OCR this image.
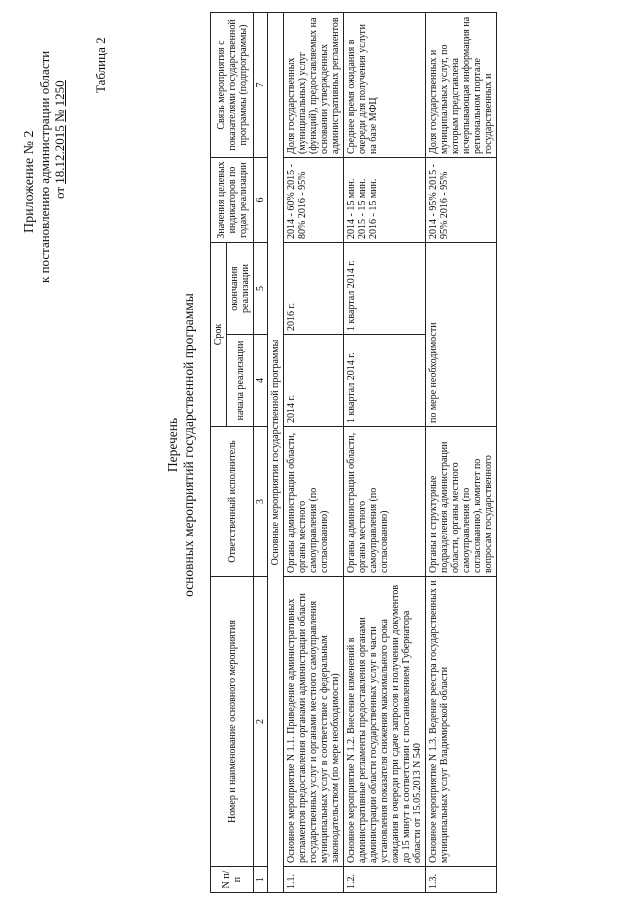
Приложение № 2 к постановлению администрации области от 18.12.2015 № 1250
Таблица 2
Перечень основных мероприятий государственной программы
N п/п	Номер и наименование основного мероприятия	Ответственный исполнитель	Срок		Значения целевых индикаторов по годам реализации	Связь мероприятия с показателями государственной программы (подпрограммы)
			начала реализации	окончания реализации		
1	2	3	4	5	6	7
Основные мероприятия государственной программы						
1.1.	Основное мероприятие N 1.1. Приведение административных регламентов предоставления органами администрации области государственных услуг и органами местного самоуправления муниципальных услуг в соответствие с федеральным законодательством (по мере необходимости)	Органы администрации области, органы местного самоуправления (по согласованию)	2014 г.	2016 г.	2014 - 60% 2015 - 80% 2016 - 95%	Доля государственных (муниципальных) услуг (функций), предоставляемых на основании утвержденных административных регламентов
1.2.	Основное мероприятие N 1.2. Внесение изменений в административные регламенты предоставления органами администрации области государственных услуг в части установления показателя снижения максимального срока ожидания в очереди при сдаче запросов и получении документов до 15 минут в соответствии с постановлением Губернатора области от 15.05.2013 N 540	Органы администрации области, органы местного самоуправления (по согласованию)	1 квартал 2014 г.	1 квартал 2014 г.	2014 - 15 мин. 2015 - 15 мин. 2016 - 15 мин.	Среднее время ожидания в очереди для получения услуги на базе МФЦ
1.3.	Основное мероприятие N 1.3. Ведение реестра государственных и муниципальных услуг Владимирской области	Органы и структурные подразделения администрации области, органы местного самоуправления (по согласованию), комитет по вопросам государственного	по мере необходимости		2014 - 95% 2015 - 95% 2016 - 95%	Доля государственных и муниципальных услуг, по которым представлена исчерпывающая информация на региональном портале государственных и
